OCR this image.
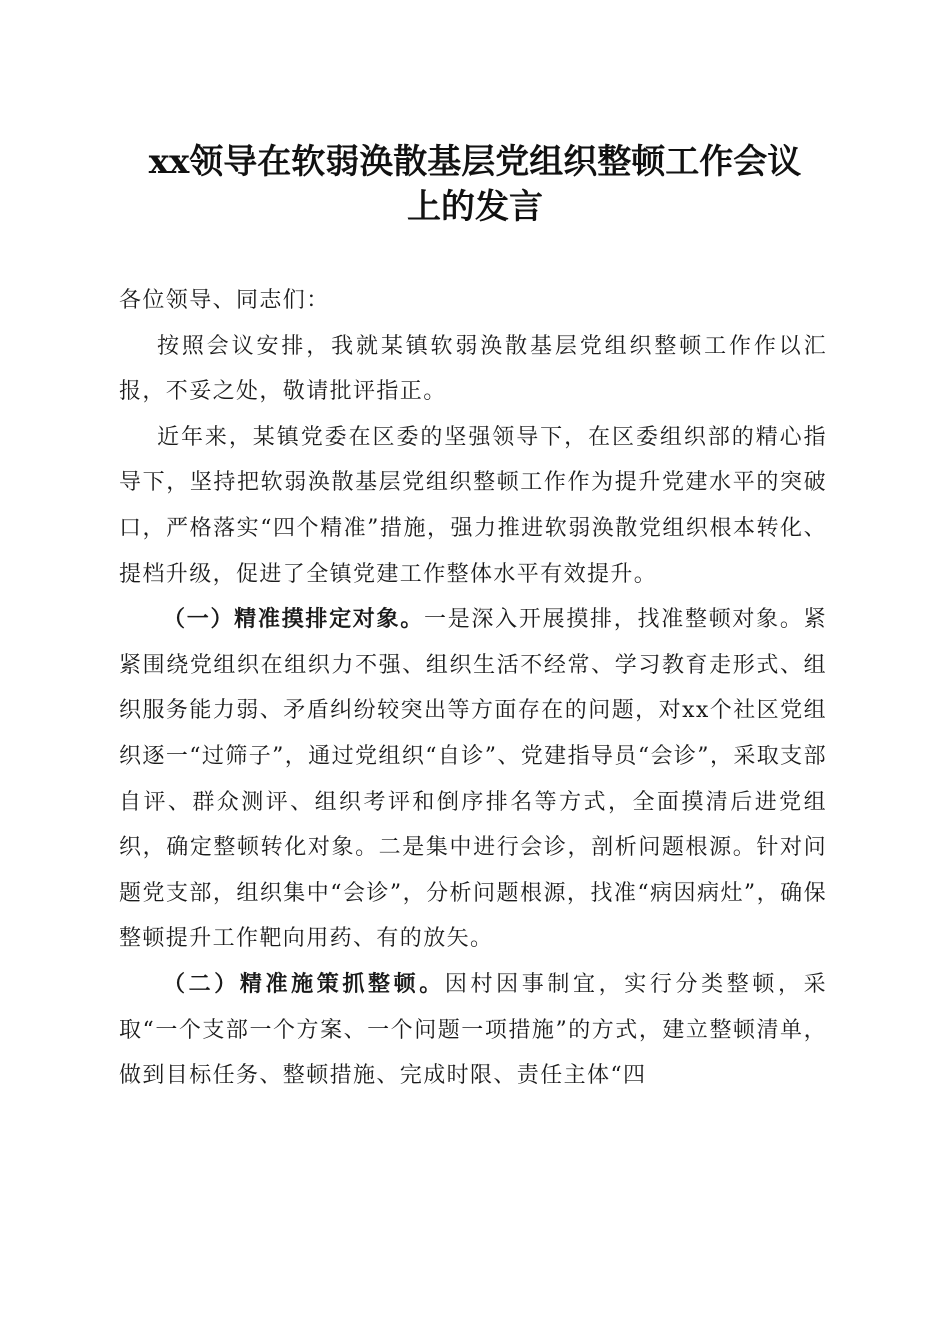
xx领导在软弱涣散基层党组织整顿工作会议
上的发言

各位领导、同志们：

按照会议安排，我就某镇软弱涣散基层党组织整顿工作作以汇报，不妥之处，敬请批评指正。

近年来，某镇党委在区委的坚强领导下，在区委组织部的精心指导下，坚持把软弱涣散基层党组织整顿工作作为提升党建水平的突破口，严格落实“四个精准”措施，强力推进软弱涣散党组织根本转化、提档升级，促进了全镇党建工作整体水平有效提升。

（一）精准摸排定对象。一是深入开展摸排，找准整顿对象。紧紧围绕党组织在组织力不强、组织生活不经常、学习教育走形式、组织服务能力弱、矛盾纠纷较突出等方面存在的问题，对xx个社区党组织逐一“过筛子”，通过党组织“自诊”、党建指导员“会诊”，采取支部自评、群众测评、组织考评和倒序排名等方式，全面摸清后进党组织，确定整顿转化对象。二是集中进行会诊，剖析问题根源。针对问题党支部，组织集中“会诊”，分析问题根源，找准“病因病灶”，确保整顿提升工作靶向用药、有的放矢。

（二）精准施策抓整顿。因村因事制宜，实行分类整顿，采取“一个支部一个方案、一个问题一项措施”的方式，建立整顿清单，做到目标任务、整顿措施、完成时限、责任主体“四
